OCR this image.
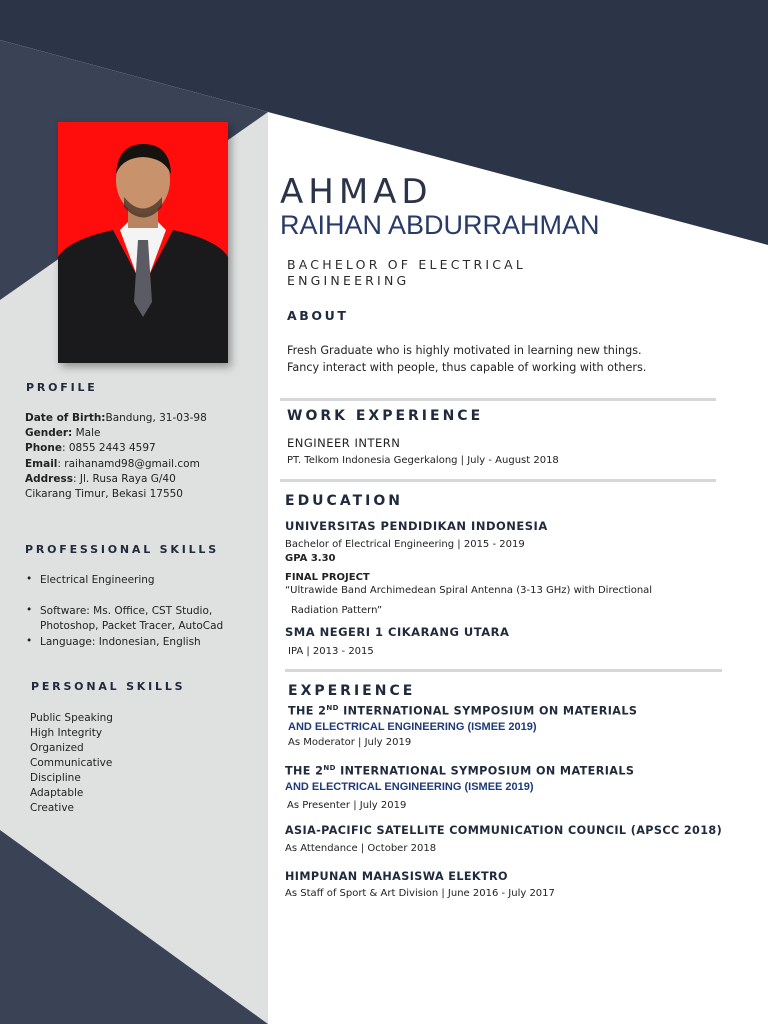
AHMAD
RAIHAN ABDURRAHMAN
BACHELOR OF ELECTRICAL ENGINEERING
ABOUT
Fresh Graduate who is highly motivated in learning new things. Fancy interact with people, thus capable of working with others.
PROFILE
Date of Birth:Bandung, 31-03-98
Gender: Male
Phone: 0855 2443 4597
Email: raihanamd98@gmail.com
Address: Jl. Rusa Raya G/40
Cikarang Timur, Bekasi 17550
PROFESSIONAL SKILLS
• Electrical Engineering
• Software: Ms. Office, CST Studio, Photoshop, Packet Tracer, AutoCad
• Language: Indonesian, English
PERSONAL SKILLS
Public Speaking
High Integrity
Organized
Communicative
Discipline
Adaptable
Creative
WORK EXPERIENCE
ENGINEER INTERN
PT. Telkom Indonesia Gegerkalong | July - August 2018
EDUCATION
UNIVERSITAS PENDIDIKAN INDONESIA
Bachelor of Electrical Engineering | 2015 - 2019
GPA 3.30
FINAL PROJECT
“Ultrawide Band Archimedean Spiral Antenna (3-13 GHz) with Directional
Radiation Pattern”
SMA NEGERI 1 CIKARANG UTARA
IPA | 2013 - 2015
EXPERIENCE
THE 2ND INTERNATIONAL SYMPOSIUM ON MATERIALS
AND ELECTRICAL ENGINEERING (ISMEE 2019)
As Moderator | July 2019
THE 2ND INTERNATIONAL SYMPOSIUM ON MATERIALS
AND ELECTRICAL ENGINEERING (ISMEE 2019)
As Presenter | July 2019
ASIA-PACIFIC SATELLITE COMMUNICATION COUNCIL (APSCC 2018)
As Attendance | October 2018
HIMPUNAN MAHASISWA ELEKTRO
As Staff of Sport & Art Division | June 2016 - July 2017
